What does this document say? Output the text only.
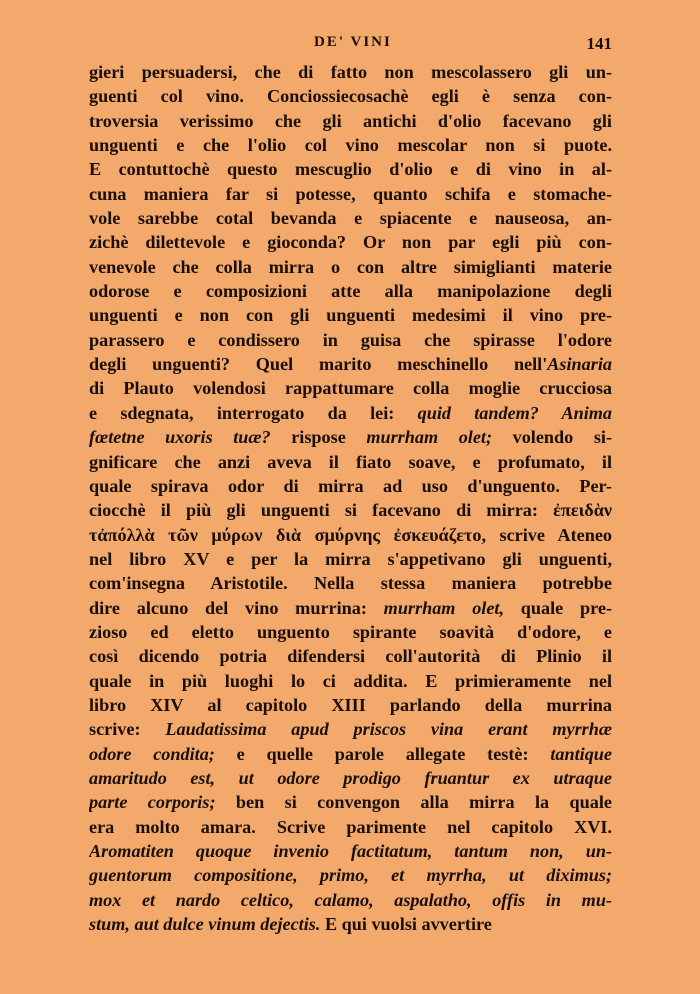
DE' VINI	141
gieri persuadersi, che di fatto non mescolassero gli un-
guenti col vino. Conciossiecosachè egli è senza con-
troversia verissimo che gli antichi d'olio facevano gli
unguenti e che l'olio col vino mescolar non si puote.
E contuttochè questo mescuglio d'olio e di vino in al-
cuna maniera far si potesse, quanto schifa e stomache-
vole sarebbe cotal bevanda e spiacente e nauseosa, an-
zichè dilettevole e gioconda? Or non par egli più con-
venevole che colla mirra o con altre simiglianti materie
odorose e composizioni atte alla manipolazione degli
unguenti e non con gli unguenti medesimi il vino pre-
parassero e condissero in guisa che spirasse l'odore
degli unguenti? Quel marito meschinello nell'Asinaria
di Plauto volendosi rappattumare colla moglie crucciosa
e sdegnata, interrogato da lei: quid tandem? Anima
fœtetne uxoris tuæ? rispose murrham olet; volendo si-
gnificare che anzi aveva il fiato soave, e profumato, il
quale spirava odor di mirra ad uso d'unguento. Per-
ciocchè il più gli unguenti si facevano di mirra: ἐπειδὰν
τἀπόλλὰ τῶν μύρων διὰ σμύρνης ἐσκευάζετο, scrive Ateneo
nel libro XV e per la mirra s'appetivano gli unguenti,
com'insegna Aristotile. Nella stessa maniera potrebbe
dire alcuno del vino murrina: murrham olet, quale pre-
zioso ed eletto unguento spirante soavità d'odore, e
così dicendo potria difendersi coll'autorità di Plinio il
quale in più luoghi lo ci addita. E primieramente nel
libro XIV al capitolo XIII parlando della murrina
scrive: Laudatissima apud priscos vina erant myrrhæ
odore condita; e quelle parole allegate testè: tantique
amaritudo est, ut odore prodigo fruantur ex utraque
parte corporis; ben si convengon alla mirra la quale
era molto amara. Scrive parimente nel capitolo XVI.
Aromatiten quoque invenio factitatum, tantum non, un-
guentorum compositione, primo, et myrrha, ut diximus;
mox et nardo celtico, calamo, aspalatho, offis in mu-
stum, aut dulce vinum dejectis. E qui vuolsi avvertire
